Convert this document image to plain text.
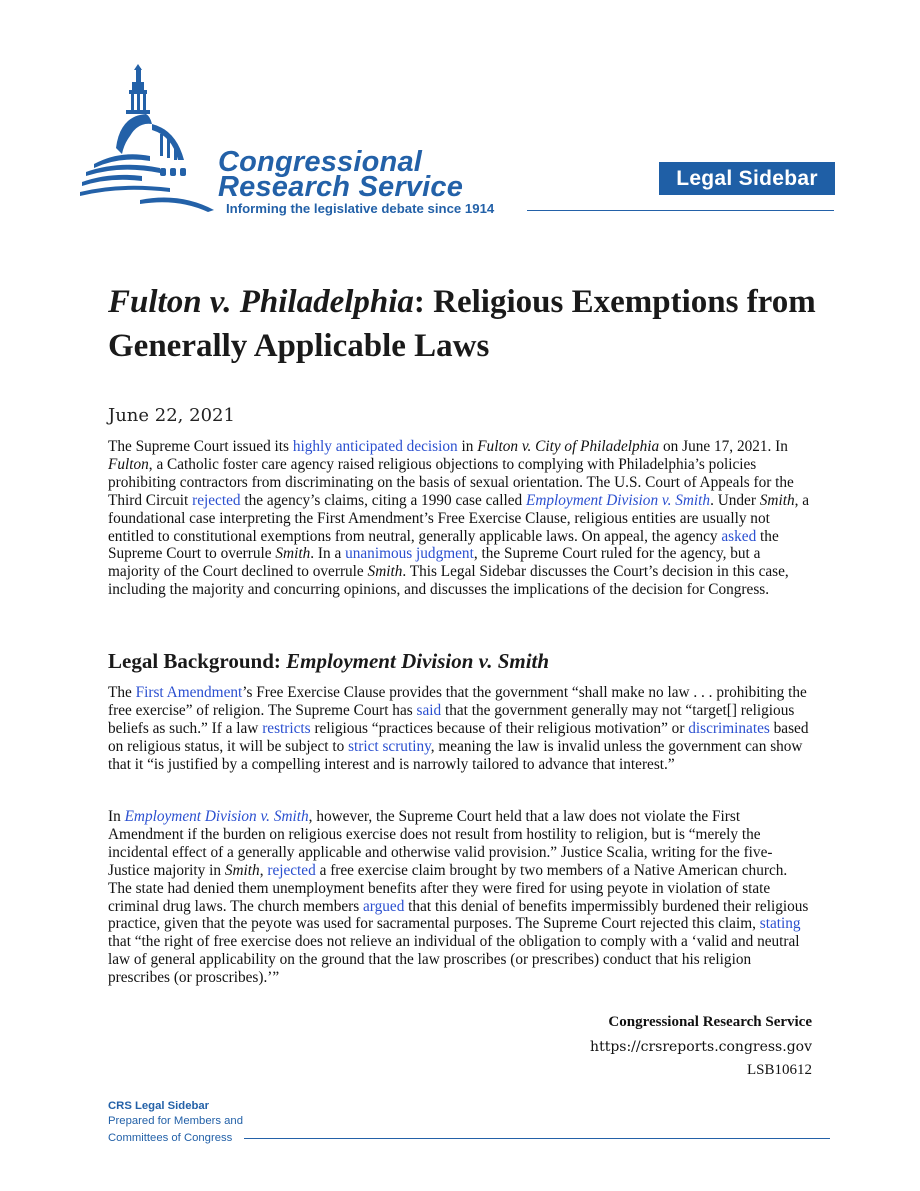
Congressional
Research Service
Informing the legislative debate since 1914
Legal Sidebar
Fulton v. Philadelphia: Religious Exemptions from Generally Applicable Laws
June 22, 2021

The Supreme Court issued its highly anticipated decision in Fulton v. City of Philadelphia on June 17, 2021. In Fulton, a Catholic foster care agency raised religious objections to complying with Philadelphia’s policies prohibiting contractors from discriminating on the basis of sexual orientation. The U.S. Court of Appeals for the Third Circuit rejected the agency’s claims, citing a 1990 case called Employment Division v. Smith. Under Smith, a foundational case interpreting the First Amendment’s Free Exercise Clause, religious entities are usually not entitled to constitutional exemptions from neutral, generally applicable laws. On appeal, the agency asked the Supreme Court to overrule Smith. In a unanimous judgment, the Supreme Court ruled for the agency, but a majority of the Court declined to overrule Smith. This Legal Sidebar discusses the Court’s decision in this case, including the majority and concurring opinions, and discusses the implications of the decision for Congress.

Legal Background: Employment Division v. Smith

The First Amendment’s Free Exercise Clause provides that the government “shall make no law . . . prohibiting the free exercise” of religion. The Supreme Court has said that the government generally may not “target[] religious beliefs as such.” If a law restricts religious “practices because of their religious motivation” or discriminates based on religious status, it will be subject to strict scrutiny, meaning the law is invalid unless the government can show that it “is justified by a compelling interest and is narrowly tailored to advance that interest.”

In Employment Division v. Smith, however, the Supreme Court held that a law does not violate the First Amendment if the burden on religious exercise does not result from hostility to religion, but is “merely the incidental effect of a generally applicable and otherwise valid provision.” Justice Scalia, writing for the five-Justice majority in Smith, rejected a free exercise claim brought by two members of a Native American church. The state had denied them unemployment benefits after they were fired for using peyote in violation of state criminal drug laws. The church members argued that this denial of benefits impermissibly burdened their religious practice, given that the peyote was used for sacramental purposes. The Supreme Court rejected this claim, stating that “the right of free exercise does not relieve an individual of the obligation to comply with a ‘valid and neutral law of general applicability on the ground that the law proscribes (or prescribes) conduct that his religion prescribes (or proscribes).’”

Congressional Research Service
https://crsreports.congress.gov
LSB10612
CRS Legal Sidebar
Prepared for Members and
Committees of Congress
